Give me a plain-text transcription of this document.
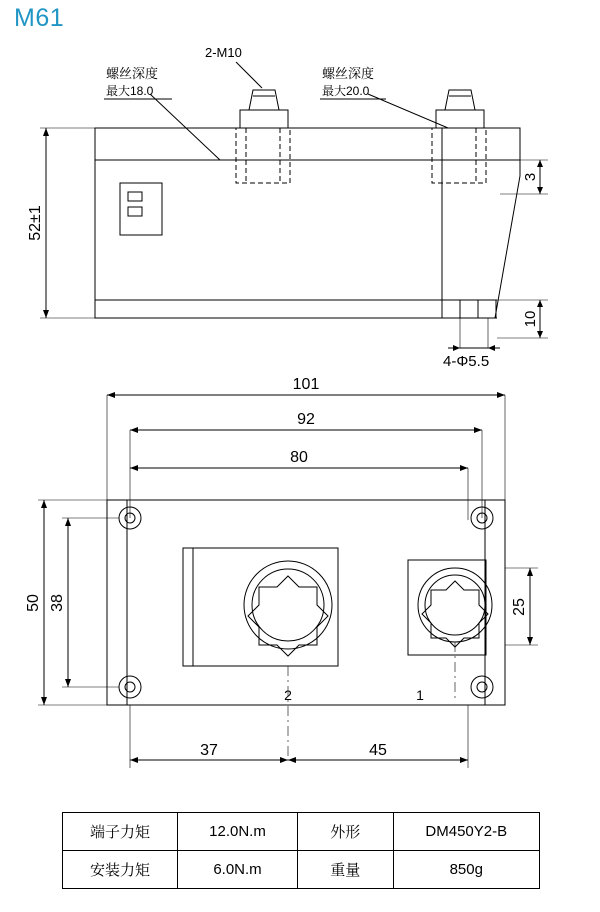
M61
螺丝深度
最大18.0
2-M10
螺丝深度
最大20.0
52±1
3
10
4-Φ5.5
101
92
80
50 38	25
37	45
2	1
端子力矩	12.0N.m	外形	DM450Y2-B
安装力矩	6.0N.m	重量	850g
